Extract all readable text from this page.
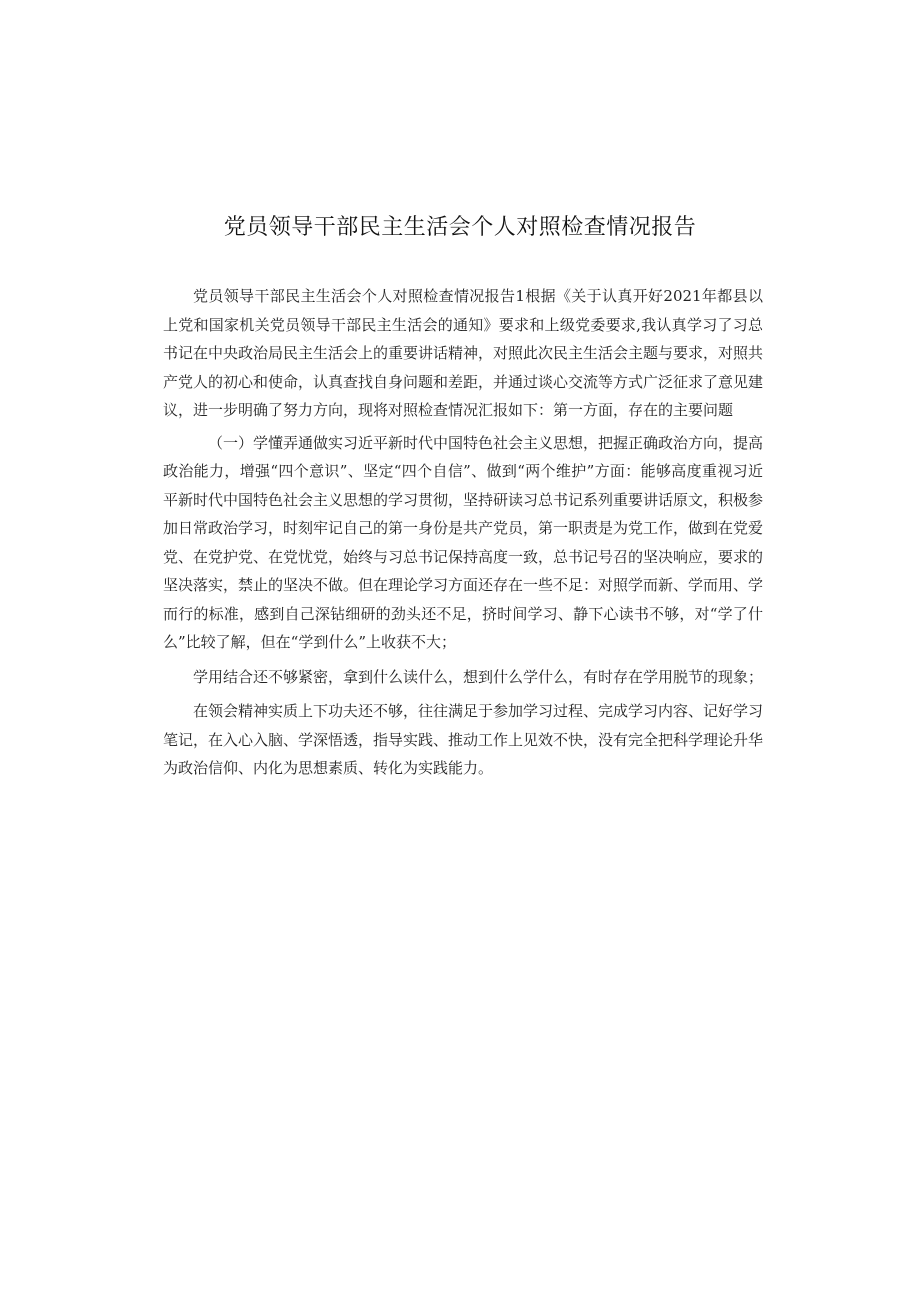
党员领导干部民主生活会个人对照检查情况报告

党员领导干部民主生活会个人对照检查情况报告1根据《关于认真开好2021年都县以上党和国家机关党员领导干部民主生活会的通知》要求和上级党委要求,我认真学习了习总书记在中央政治局民主生活会上的重要讲话精神，对照此次民主生活会主题与要求，对照共产党人的初心和使命，认真查找自身问题和差距，并通过谈心交流等方式广泛征求了意见建议，进一步明确了努力方向，现将对照检查情况汇报如下：第一方面，存在的主要问题

（一）学懂弄通做实习近平新时代中国特色社会主义思想，把握正确政治方向，提高政治能力，增强“四个意识”、坚定“四个自信”、做到“两个维护”方面：能够高度重视习近平新时代中国特色社会主义思想的学习贯彻，坚持研读习总书记系列重要讲话原文，积极参加日常政治学习，时刻牢记自己的第一身份是共产党员，第一职责是为党工作，做到在党爱党、在党护党、在党忧党，始终与习总书记保持高度一致，总书记号召的坚决响应，要求的坚决落实，禁止的坚决不做。但在理论学习方面还存在一些不足：对照学而新、学而用、学而行的标准，感到自己深钻细研的劲头还不足，挤时间学习、静下心读书不够，对“学了什么”比较了解，但在“学到什么”上收获不大；

学用结合还不够紧密，拿到什么读什么，想到什么学什么，有时存在学用脱节的现象；

在领会精神实质上下功夫还不够，往往满足于参加学习过程、完成学习内容、记好学习笔记，在入心入脑、学深悟透，指导实践、推动工作上见效不快，没有完全把科学理论升华为政治信仰、内化为思想素质、转化为实践能力。
